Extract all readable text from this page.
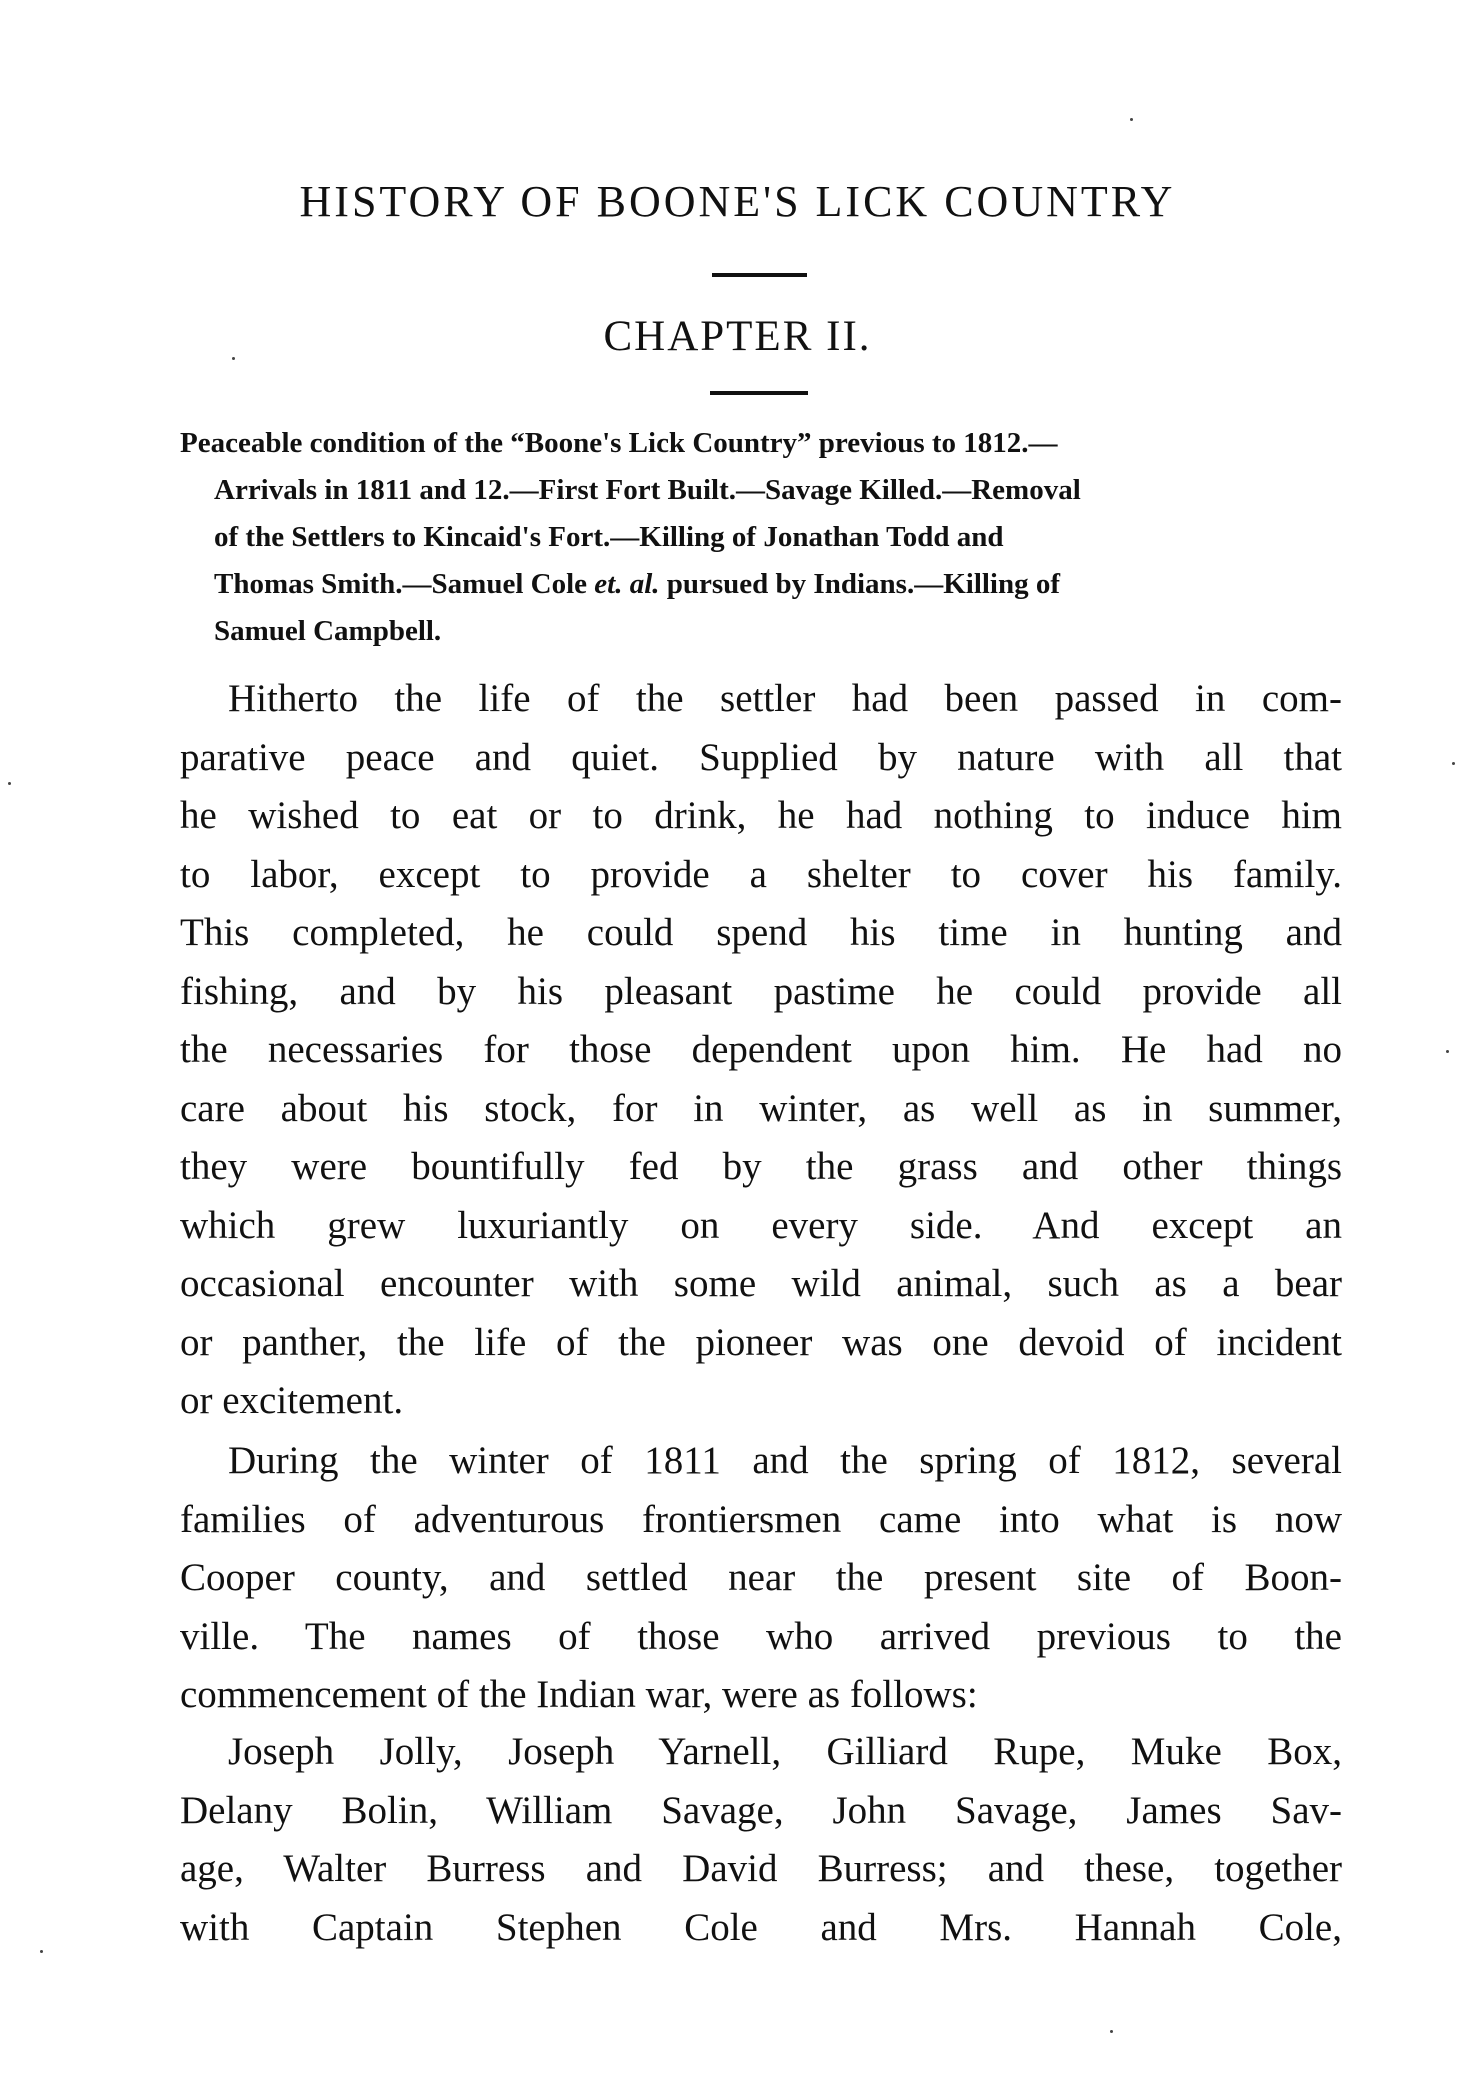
HISTORY OF BOONE'S LICK COUNTRY
CHAPTER II.
Peaceable condition of the “Boone's Lick Country” previous to 1812.—
Arrivals in 1811 and 12.—First Fort Built.—Savage Killed.—Removal
of the Settlers to Kincaid's Fort.—Killing of Jonathan Todd and
Thomas Smith.—Samuel Cole et. al. pursued by Indians.—Killing of
Samuel Campbell.
Hitherto the life of the settler had been passed in com-
parative peace and quiet. Supplied by nature with all that
he wished to eat or to drink, he had nothing to induce him
to labor, except to provide a shelter to cover his family.
This completed, he could spend his time in hunting and
fishing, and by his pleasant pastime he could provide all
the necessaries for those dependent upon him. He had no
care about his stock, for in winter, as well as in summer,
they were bountifully fed by the grass and other things
which grew luxuriantly on every side. And except an
occasional encounter with some wild animal, such as a bear
or panther, the life of the pioneer was one devoid of incident
or excitement.
During the winter of 1811 and the spring of 1812, several
families of adventurous frontiersmen came into what is now
Cooper county, and settled near the present site of Boon-
ville. The names of those who arrived previous to the
commencement of the Indian war, were as follows:
Joseph Jolly, Joseph Yarnell, Gilliard Rupe, Muke Box,
Delany Bolin, William Savage, John Savage, James Sav-
age, Walter Burress and David Burress; and these, together
with Captain Stephen Cole and Mrs. Hannah Cole,
